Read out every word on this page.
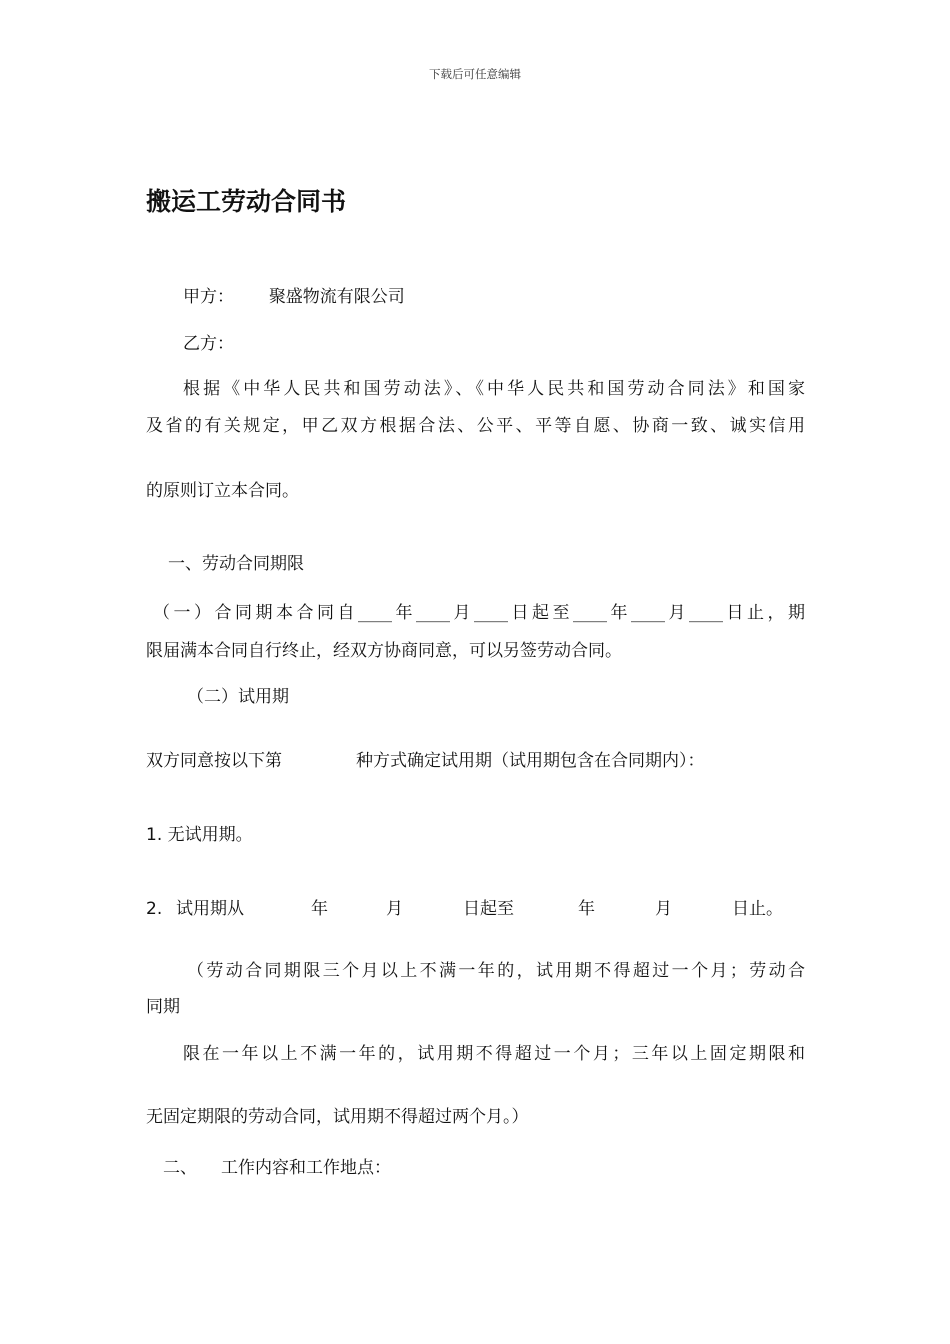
下载后可任意编辑
搬运工劳动合同书
甲方： 聚盛物流有限公司
乙方：
根据《中华人民共和国劳动法》、《中华人民共和国劳动合同法》和国家
及省的有关规定，甲乙双方根据合法、公平、平等自愿、协商一致、诚实信用
的原则订立本合同。
一、劳动合同期限
（一）合同期本合同自____年____月____日起至____年____月____日止，期
限届满本合同自行终止，经双方协商同意，可以另签劳动合同。
（二）试用期
双方同意按以下第	种方式确定试用期（试用期包含在合同期内）：
1. 无试用期。
2. 试用期从	年	月	日起至	年	月	日止。
（劳动合同期限三个月以上不满一年的，试用期不得超过一个月；劳动合
同期
限在一年以上不满一年的，试用期不得超过一个月；三年以上固定期限和
无固定期限的劳动合同，试用期不得超过两个月。）
二、 工作内容和工作地点：
